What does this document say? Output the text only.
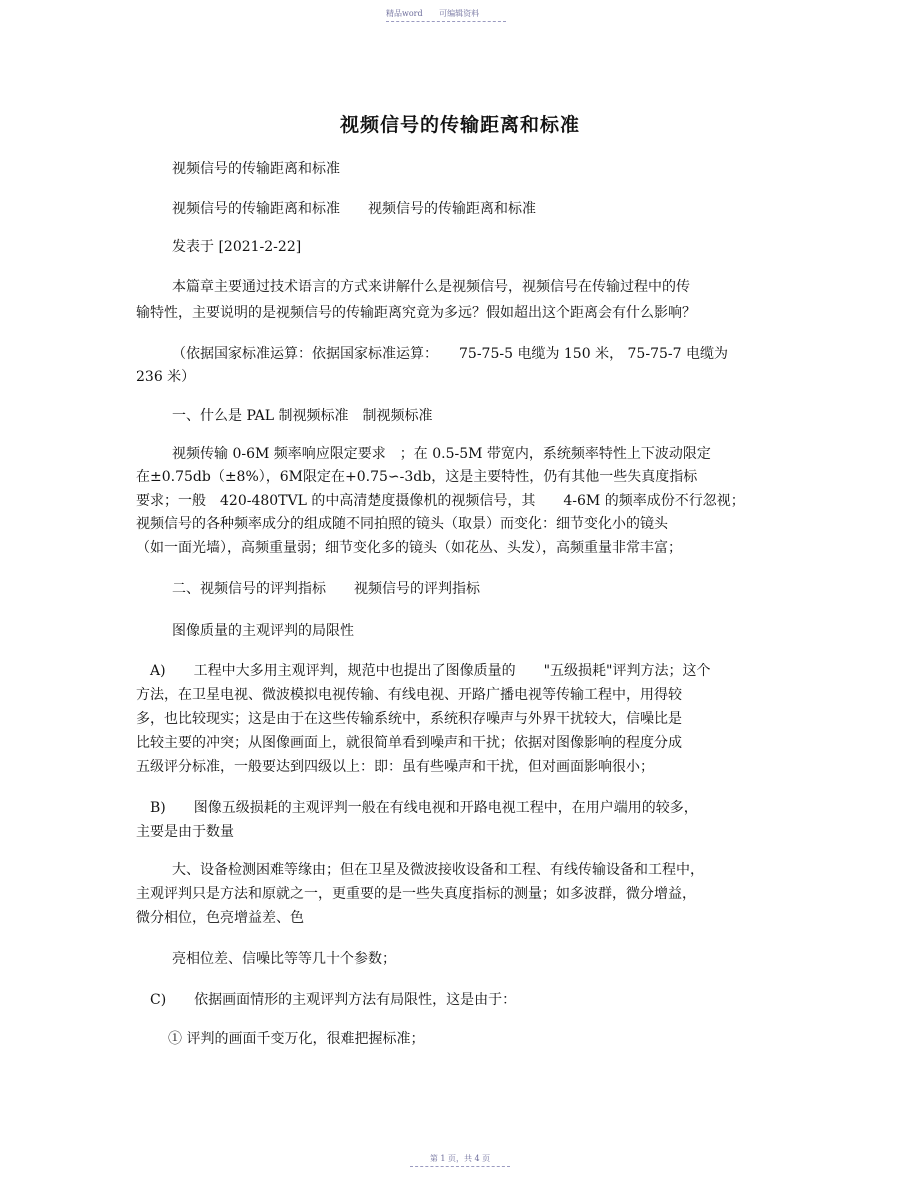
精品word 可编辑资料
视频信号的传输距离和标准
视频信号的传输距离和标准
视频信号的传输距离和标准　　视频信号的传输距离和标准
发表于 [2021-2-22]
本篇章主要通过技术语言的方式来讲解什么是视频信号，视频信号在传输过程中的传
输特性，主要说明的是视频信号的传输距离究竟为多远？假如超出这个距离会有什么影响？
（依据国家标准运算：依据国家标准运算：　　75-75-5 电缆为 150 米， 75-75-7 电缆为
236 米）
一、什么是 PAL 制视频标准　制视频标准
视频传输 0-6M 频率响应限定要求　；在 0.5-5M 带宽内，系统频率特性上下波动限定
在±0.75db（±8%），6M限定在+0.75∽-3db，这是主要特性，仍有其他一些失真度指标
要求；一般　420-480TVL 的中高清楚度摄像机的视频信号，其　　4-6M 的频率成份不行忽视；
视频信号的各种频率成分的组成随不同拍照的镜头（取景）而变化：细节变化小的镜头
（如一面光墙），高频重量弱；细节变化多的镜头（如花丛、头发），高频重量非常丰富；
二、视频信号的评判指标　　视频信号的评判指标
图像质量的主观评判的局限性
A)　　工程中大多用主观评判，规范中也提出了图像质量的　　"五级损耗"评判方法；这个
方法，在卫星电视、微波模拟电视传输、有线电视、开路广播电视等传输工程中，用得较
多，也比较现实；这是由于在这些传输系统中，系统积存噪声与外界干扰较大，信噪比是
比较主要的冲突；从图像画面上，就很简单看到噪声和干扰；依据对图像影响的程度分成
五级评分标准，一般要达到四级以上：即：虽有些噪声和干扰，但对画面影响很小；
B)　　图像五级损耗的主观评判一般在有线电视和开路电视工程中，在用户端用的较多，
主要是由于数量
大、设备检测困难等缘由；但在卫星及微波接收设备和工程、有线传输设备和工程中，
主观评判只是方法和原就之一，更重要的是一些失真度指标的测量；如多波群，微分增益，
微分相位，色亮增益差、色
亮相位差、信噪比等等几十个参数；
C)　　依据画面情形的主观评判方法有局限性，这是由于：
① 评判的画面千变万化，很难把握标准；
第 1 页，共 4 页
